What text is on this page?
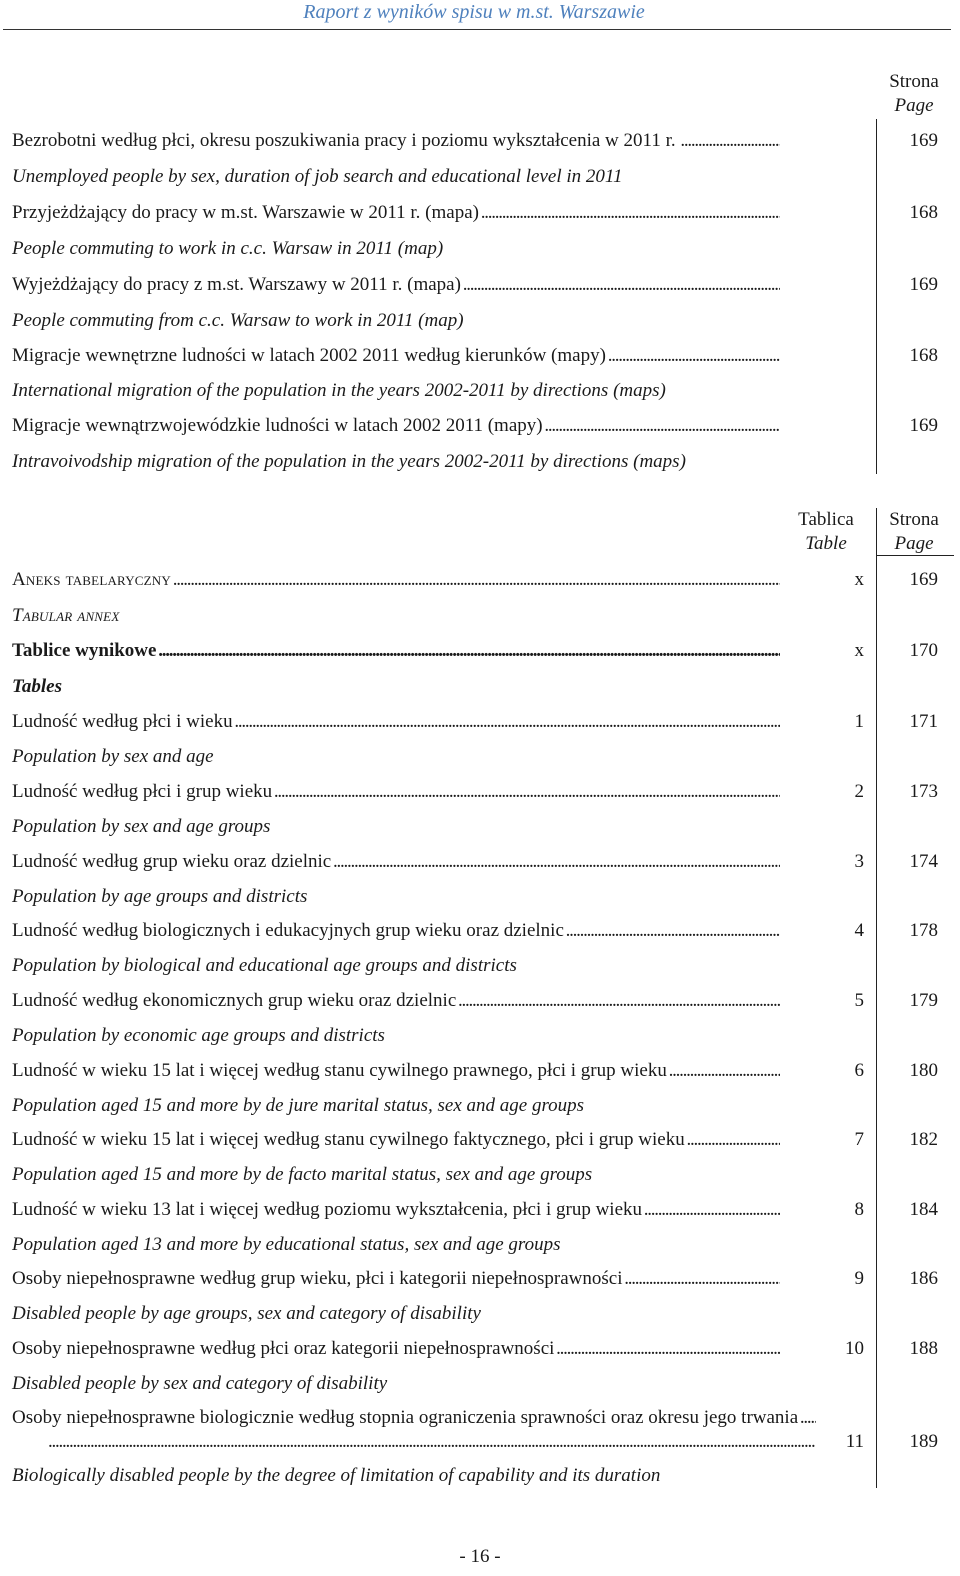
Raport z wyników spisu w m.st. Warszawie
Strona
Page
Bezrobotni według płci, okresu poszukiwania pracy i poziomu wykształcenia w 2011 r. . . .	169
Unemployed people by sex, duration of job search and educational level in 2011
Przyjeżdżający do pracy w m.st. Warszawie w 2011 r. (mapa) . . .	168
People commuting to work in c.c. Warsaw in 2011 (map)
Wyjeżdżający do pracy z m.st. Warszawy w 2011 r. (mapa) . . .	169
People commuting from c.c. Warsaw to work in 2011 (map)
Migracje wewnętrzne ludności w latach 2002 2011 według kierunków (mapy) . . .	168
International migration of the population in the years 2002-2011 by directions (maps)
Migracje wewnątrzwojewódzkie ludności w latach 2002 2011 (mapy) . . .	169
Intravoivodship migration of the population in the years 2002-2011 by directions (maps)
Tablica
Table
Strona
Page
Aneks tabelaryczny . . .	x	169
Tabular annex
Tablice wynikowe . . .	x	170
Tables
Ludność według płci i wieku . . .	1	171
Population by sex and age
Ludność według płci i grup wieku . . .	2	173
Population by sex and age groups
Ludność według grup wieku oraz dzielnic . . .	3	174
Population by age groups and districts
Ludność według biologicznych i edukacyjnych grup wieku oraz dzielnic . . .	4	178
Population by biological and educational age groups and districts
Ludność według ekonomicznych grup wieku oraz dzielnic . . .	5	179
Population by economic age groups and districts
Ludność w wieku 15 lat i więcej według stanu cywilnego prawnego, płci i grup wieku . . .	6	180
Population aged 15 and more by de jure marital status, sex and age groups
Ludność w wieku 15 lat i więcej według stanu cywilnego faktycznego, płci i grup wieku . . .	7	182
Population aged 15 and more by de facto marital status, sex and age groups
Ludność w wieku 13 lat i więcej według poziomu wykształcenia, płci i grup wieku . . .	8	184
Population aged 13 and more by educational status, sex and age groups
Osoby niepełnosprawne według grup wieku, płci i kategorii niepełnosprawności . . .	9	186
Disabled people by age groups, sex and category of disability
Osoby niepełnosprawne według płci oraz kategorii niepełnosprawności . . .	10	188
Disabled people by sex and category of disability
Osoby niepełnosprawne biologicznie według stopnia ograniczenia sprawności oraz okresu jego trwania . . .
11	189
Biologically disabled people by the degree of limitation of capability and its duration
- 16 -
